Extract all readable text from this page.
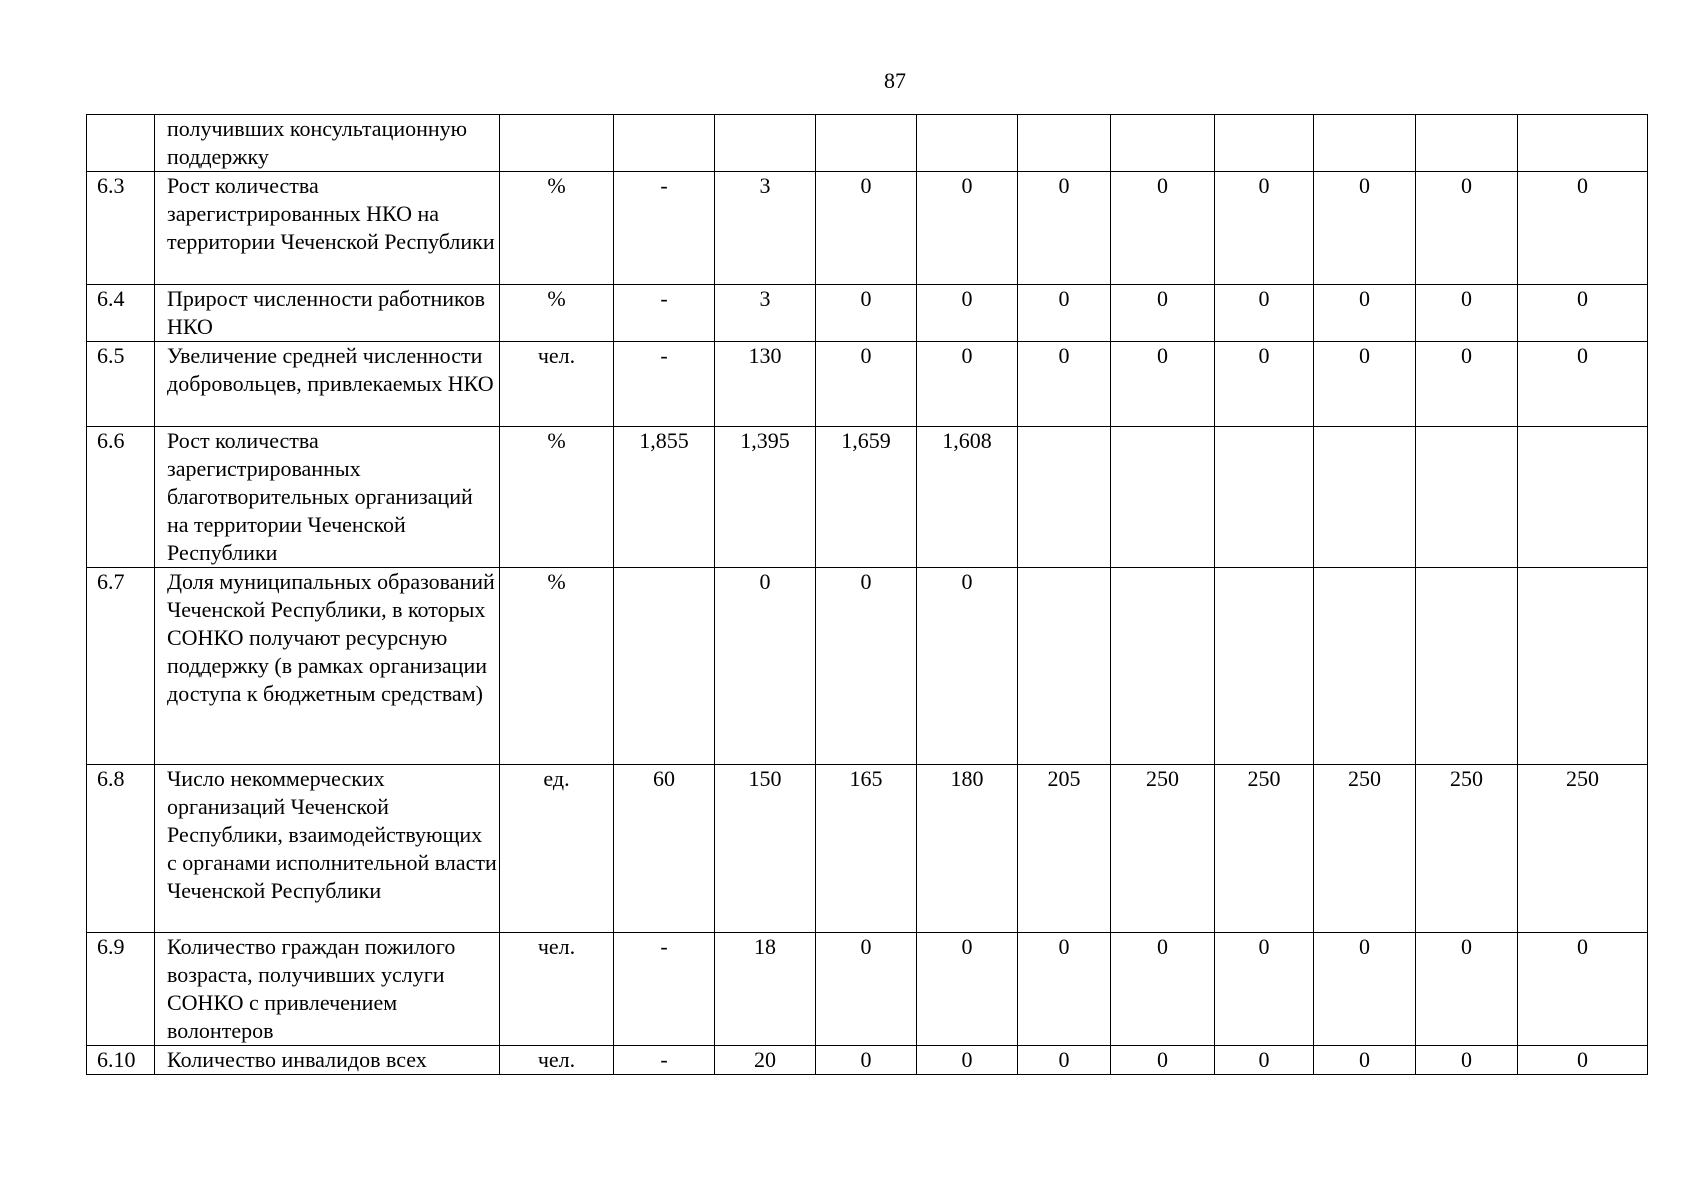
87
	получивших консультационную поддержку											
6.3	Рост количества зарегистрированных НКО на территории Чеченской Республики	%	-	3	0	0	0	0	0	0	0	0
6.4	Прирост численности работников НКО	%	-	3	0	0	0	0	0	0	0	0
6.5	Увеличение средней численности добровольцев, привлекаемых НКО	чел.	-	130	0	0	0	0	0	0	0	0
6.6	Рост количества зарегистрированных благотворительных организаций на территории Чеченской Республики	%	1,855	1,395	1,659	1,608						
6.7	Доля муниципальных образований Чеченской Республики, в которых СОНКО получают ресурсную поддержку (в рамках организации доступа к бюджетным средствам)	%		0	0	0						
6.8	Число некоммерческих организаций Чеченской Республики, взаимодействующих с органами исполнительной власти Чеченской Республики	ед.	60	150	165	180	205	250	250	250	250	250
6.9	Количество граждан пожилого возраста, получивших услуги СОНКО с привлечением волонтеров	чел.	-	18	0	0	0	0	0	0	0	0
6.10	Количество инвалидов всех	чел.	-	20	0	0	0	0	0	0	0	0
